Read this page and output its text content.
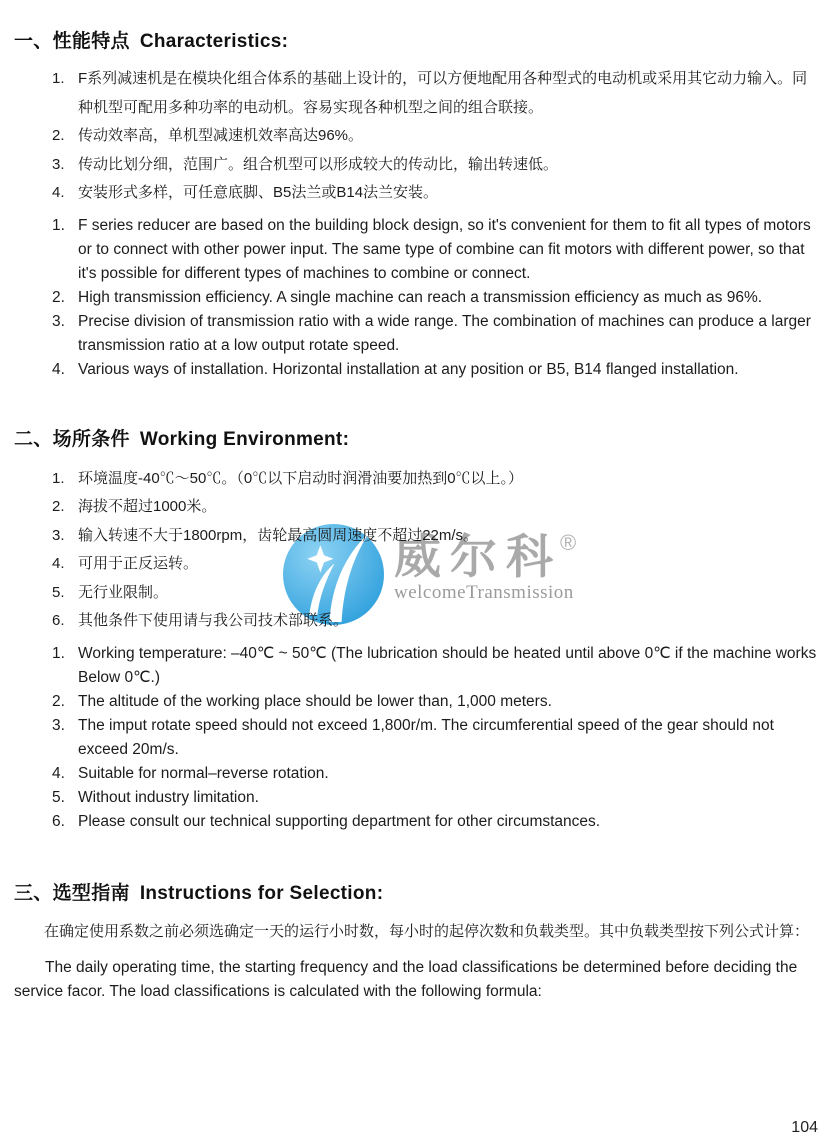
威尔科
®
welcomeTransmission
一、性能特点 Characteristics:
1. F系列减速机是在模块化组合体系的基础上设计的，可以方便地配用各种型式的电动机或采用其它动力输入。同种机型可配用多种功率的电动机。容易实现各种机型之间的组合联接。
2. 传动效率高，单机型减速机效率高达96%。
3. 传动比划分细，范围广。组合机型可以形成较大的传动比，输出转速低。
4. 安装形式多样，可任意底脚、B5法兰或B14法兰安装。
1. F series reducer are based on the building block design, so it's convenient for them to fit all types of motors or to connect with other power input. The same type of combine can fit motors with different power, so that it's possible for different types of machines to combine or connect.
2. High transmission efficiency. A single machine can reach a transmission efficiency as much as 96%.
3. Precise division of transmission ratio with a wide range. The combination of machines can produce a larger transmission ratio at a low output rotate speed.
4. Various ways of installation. Horizontal installation at any position or B5, B14 flanged installation.
二、场所条件 Working Environment:
1. 环境温度-40℃～50℃。（0℃以下启动时润滑油要加热到0℃以上。）
2. 海拔不超过1000米。
3. 输入转速不大于1800rpm，齿轮最高圆周速度不超过22m/s。
4. 可用于正反运转。
5. 无行业限制。
6. 其他条件下使用请与我公司技术部联系。
1. Working temperature: –40℃ ~ 50℃ (The lubrication should be heated until above 0℃ if the machine works Below 0℃.)
2. The altitude of the working place should be lower than, 1,000 meters.
3. The imput rotate speed should not exceed 1,800r/m. The circumferential speed of the gear should not exceed 20m/s.
4. Suitable for normal–reverse rotation.
5. Without industry limitation.
6. Please consult our technical supporting department for other circumstances.
三、选型指南 Instructions for Selection:

在确定使用系数之前必须选确定一天的运行小时数，每小时的起停次数和负载类型。其中负载类型按下列公式计算：

The daily operating time, the starting frequency and the load classifications be determined before deciding the service facor. The load classifications is calculated with the following formula:

104
